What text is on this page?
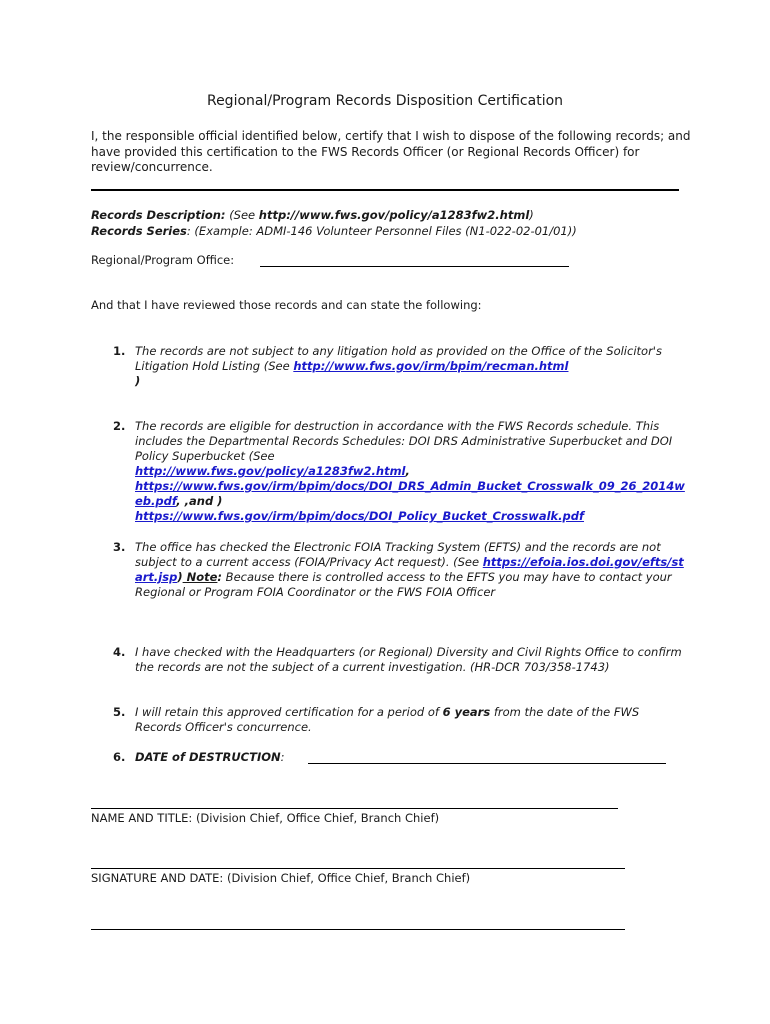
Regional/Program Records Disposition Certification
I, the responsible official identified below, certify that I wish to dispose of the following records; and have provided this certification to the FWS Records Officer (or Regional Records Officer) for review/concurrence.
Records Description: (See http://www.fws.gov/policy/a1283fw2.html)
Records Series: (Example: ADMI-146 Volunteer Personnel Files (N1-022-02-01/01))
Regional/Program Office:
And that I have reviewed those records and can state the following:
1. The records are not subject to any litigation hold as provided on the Office of the Solicitor's Litigation Hold Listing (See http://www.fws.gov/irm/bpim/recman.html
)
2. The records are eligible for destruction in accordance with the FWS Records schedule. This includes the Departmental Records Schedules: DOI DRS Administrative Superbucket and DOI Policy Superbucket (See
http://www.fws.gov/policy/a1283fw2.html,
https://www.fws.gov/irm/bpim/docs/DOI_DRS_Admin_Bucket_Crosswalk_09_26_2014web.pdf, ,and )
https://www.fws.gov/irm/bpim/docs/DOI_Policy_Bucket_Crosswalk.pdf
3. The office has checked the Electronic FOIA Tracking System (EFTS) and the records are not subject to a current access (FOIA/Privacy Act request). (See https://efoia.ios.doi.gov/efts/start.jsp) Note: Because there is controlled access to the EFTS you may have to contact your Regional or Program FOIA Coordinator or the FWS FOIA Officer
4. I have checked with the Headquarters (or Regional) Diversity and Civil Rights Office to confirm the records are not the subject of a current investigation. (HR-DCR 703/358-1743)
5. I will retain this approved certification for a period of 6 years from the date of the FWS Records Officer's concurrence.
6. DATE of DESTRUCTION:
NAME AND TITLE: (Division Chief, Office Chief, Branch Chief)
SIGNATURE AND DATE: (Division Chief, Office Chief, Branch Chief)
